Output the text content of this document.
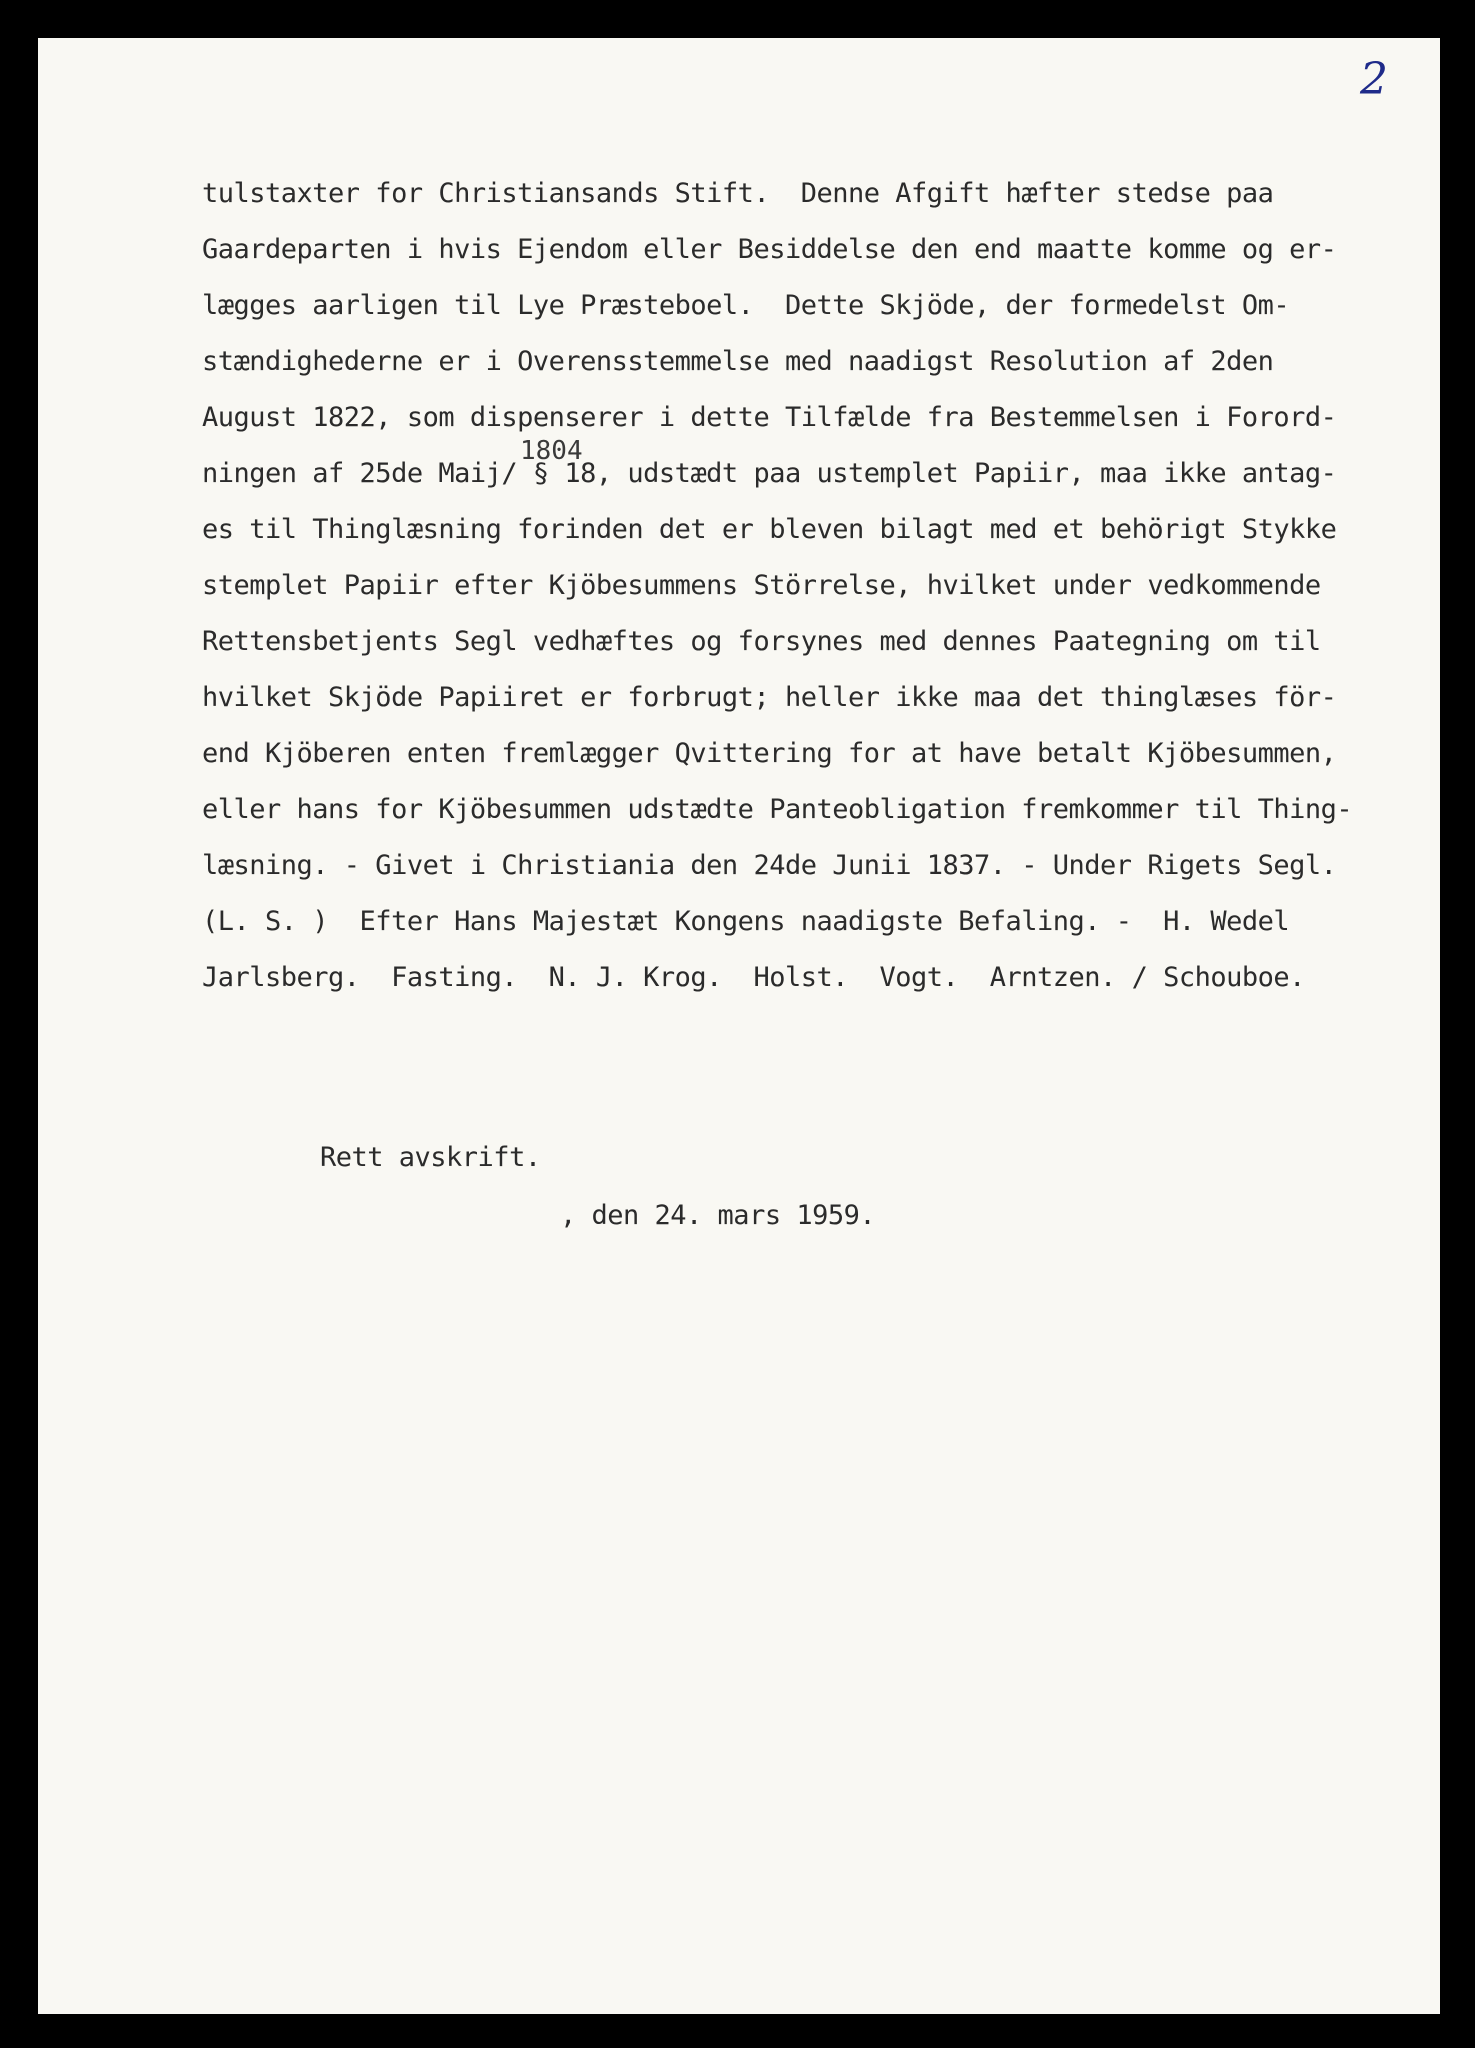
2
1804

tulstaxter for Christiansands Stift.  Denne Afgift hæfter stedse paa

Gaardeparten i hvis Ejendom eller Besiddelse den end maatte komme og er-

lægges aarligen til Lye Præsteboel.  Dette Skjöde, der formedelst Om-

stændighederne er i Overensstemmelse med naadigst Resolution af 2den

August 1822, som dispenserer i dette Tilfælde fra Bestemmelsen i Forord-

ningen af 25de Maij/ § 18, udstædt paa ustemplet Papiir, maa ikke antag-

es til Thinglæsning forinden det er bleven bilagt med et behörigt Stykke

stemplet Papiir efter Kjöbesummens Störrelse, hvilket under vedkommende

Rettensbetjents Segl vedhæftes og forsynes med dennes Paategning om til

hvilket Skjöde Papiiret er forbrugt; heller ikke maa det thinglæses för-

end Kjöberen enten fremlægger Qvittering for at have betalt Kjöbesummen,

eller hans for Kjöbesummen udstædte Panteobligation fremkommer til Thing-

læsning. - Givet i Christiania den 24de Junii 1837. - Under Rigets Segl.

(L. S. )  Efter Hans Majestæt Kongens naadigste Befaling. -  H. Wedel

Jarlsberg.  Fasting.  N. J. Krog.  Holst.  Vogt.  Arntzen. / Schouboe.

Rett avskrift.

, den 24. mars 1959.
